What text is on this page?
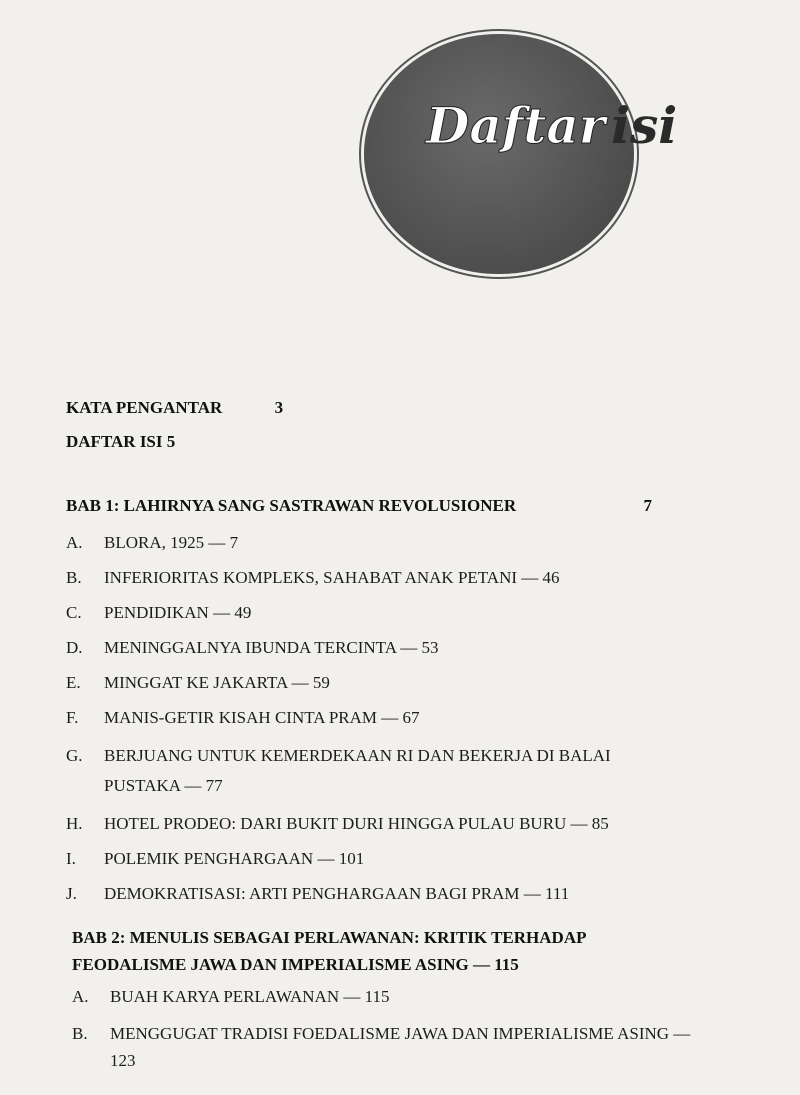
Daftar isi
KATA PENGANTAR	3
DAFTAR ISI 5
BAB 1: LAHIRNYA SANG SASTRAWAN REVOLUSIONER	7
A.	BLORA, 1925 — 7
B.	INFERIORITAS KOMPLEKS, SAHABAT ANAK PETANI — 46
C.	PENDIDIKAN — 49
D.	MENINGGALNYA IBUNDA TERCINTA — 53
E.	MINGGAT KE JAKARTA — 59
F.	MANIS-GETIR KISAH CINTA PRAM — 67
G.	BERJUANG UNTUK KEMERDEKAAN RI DAN BEKERJA DI BALAI PUSTAKA — 77
H.	HOTEL PRODEO: DARI BUKIT DURI HINGGA PULAU BURU — 85
I.	POLEMIK PENGHARGAAN — 101
J.	DEMOKRATISASI: ARTI PENGHARGAAN BAGI PRAM — 111
BAB 2: MENULIS SEBAGAI PERLAWANAN: KRITIK TERHADAP
FEODALISME JAWA DAN IMPERIALISME ASING — 115
A.	BUAH KARYA PERLAWANAN — 115
B.	MENGGUGAT TRADISI FOEDALISME JAWA DAN IMPERIALISME ASING — 123
